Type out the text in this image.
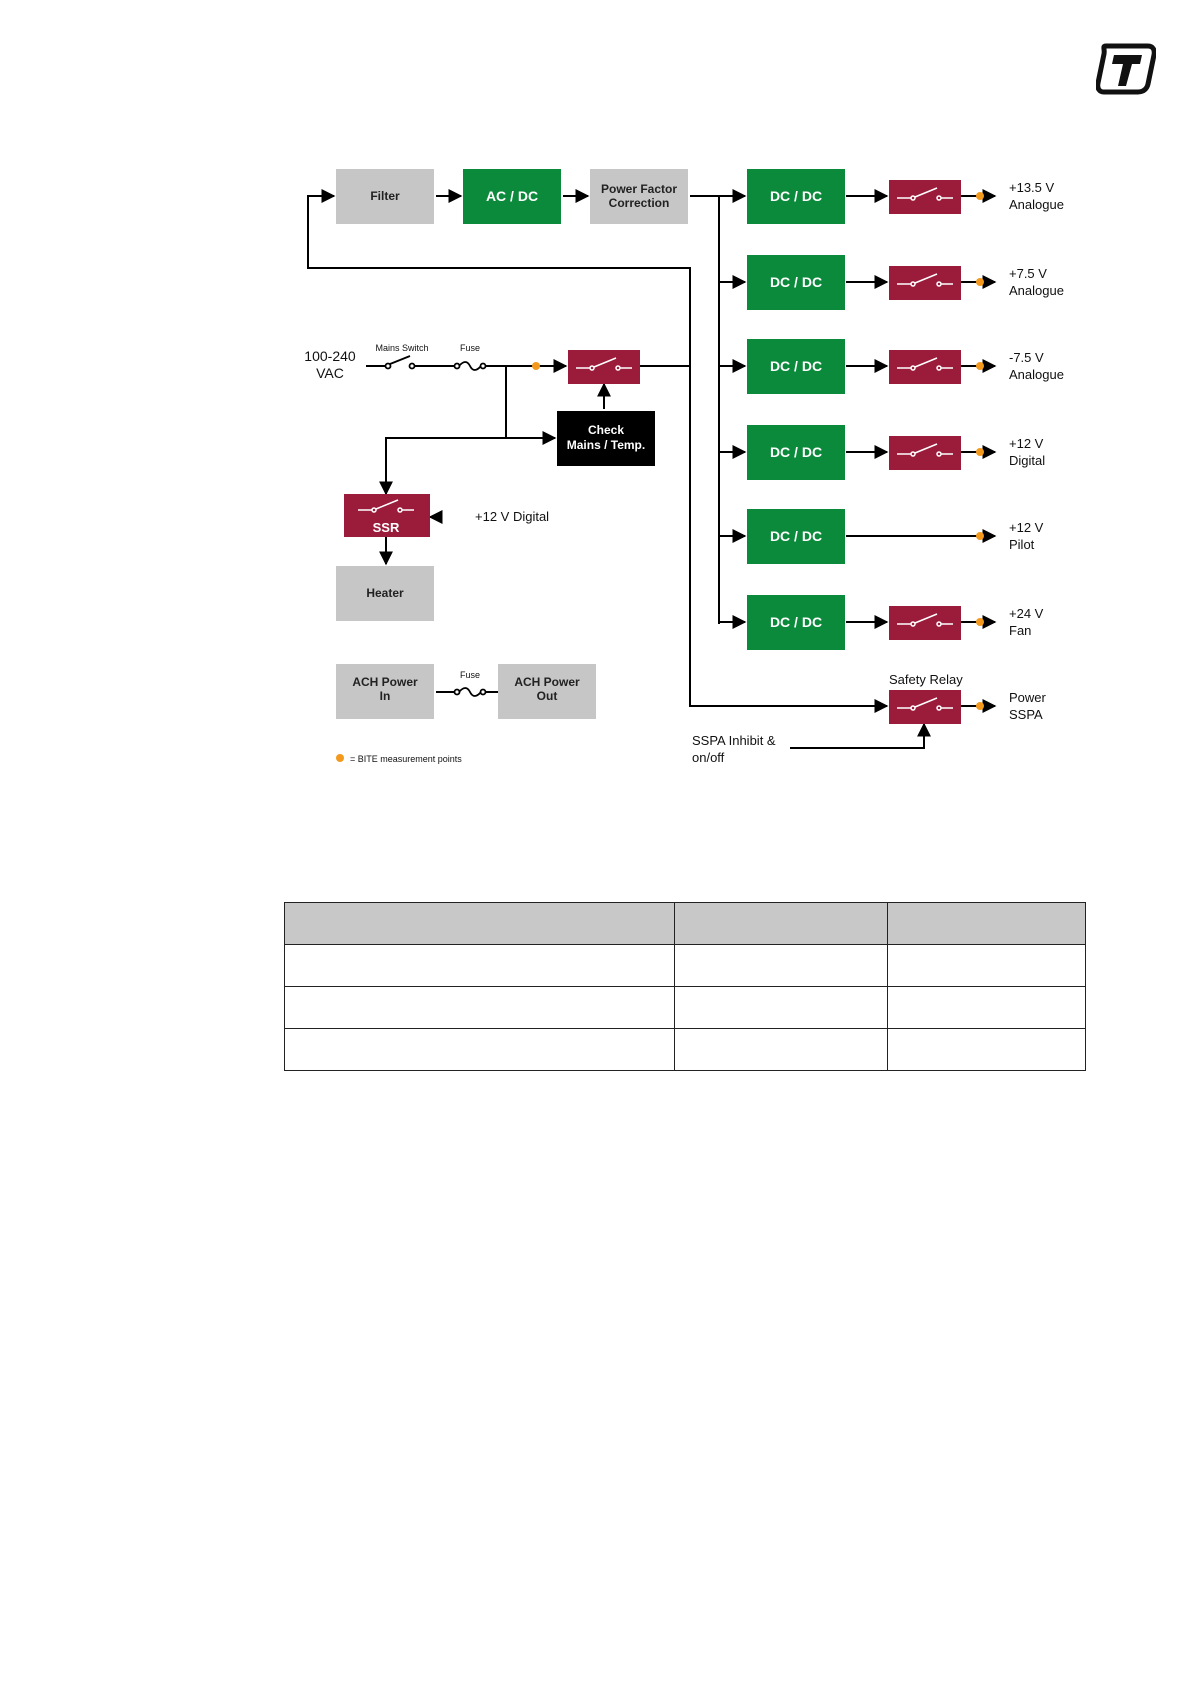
Filter	Power Factor
Correction
Heater
ACH Power
In
ACH Power
Out
AC / DC	DC / DC
DC / DC
DC / DC
DC / DC
DC / DC
DC / DC
SSR
Check
Mains / Temp.
+13.5 V
Analogue
+7.5 V
Analogue
-7.5 V
Analogue
+12 V
Digital
+12 V
Pilot
+24 V
Fan
Power
SSPA
100-240
VAC
Mains Switch	Fuse
Fuse
+12 V Digital
Safety Relay
SSPA Inhibit &
on/off
= BITE measurement points
